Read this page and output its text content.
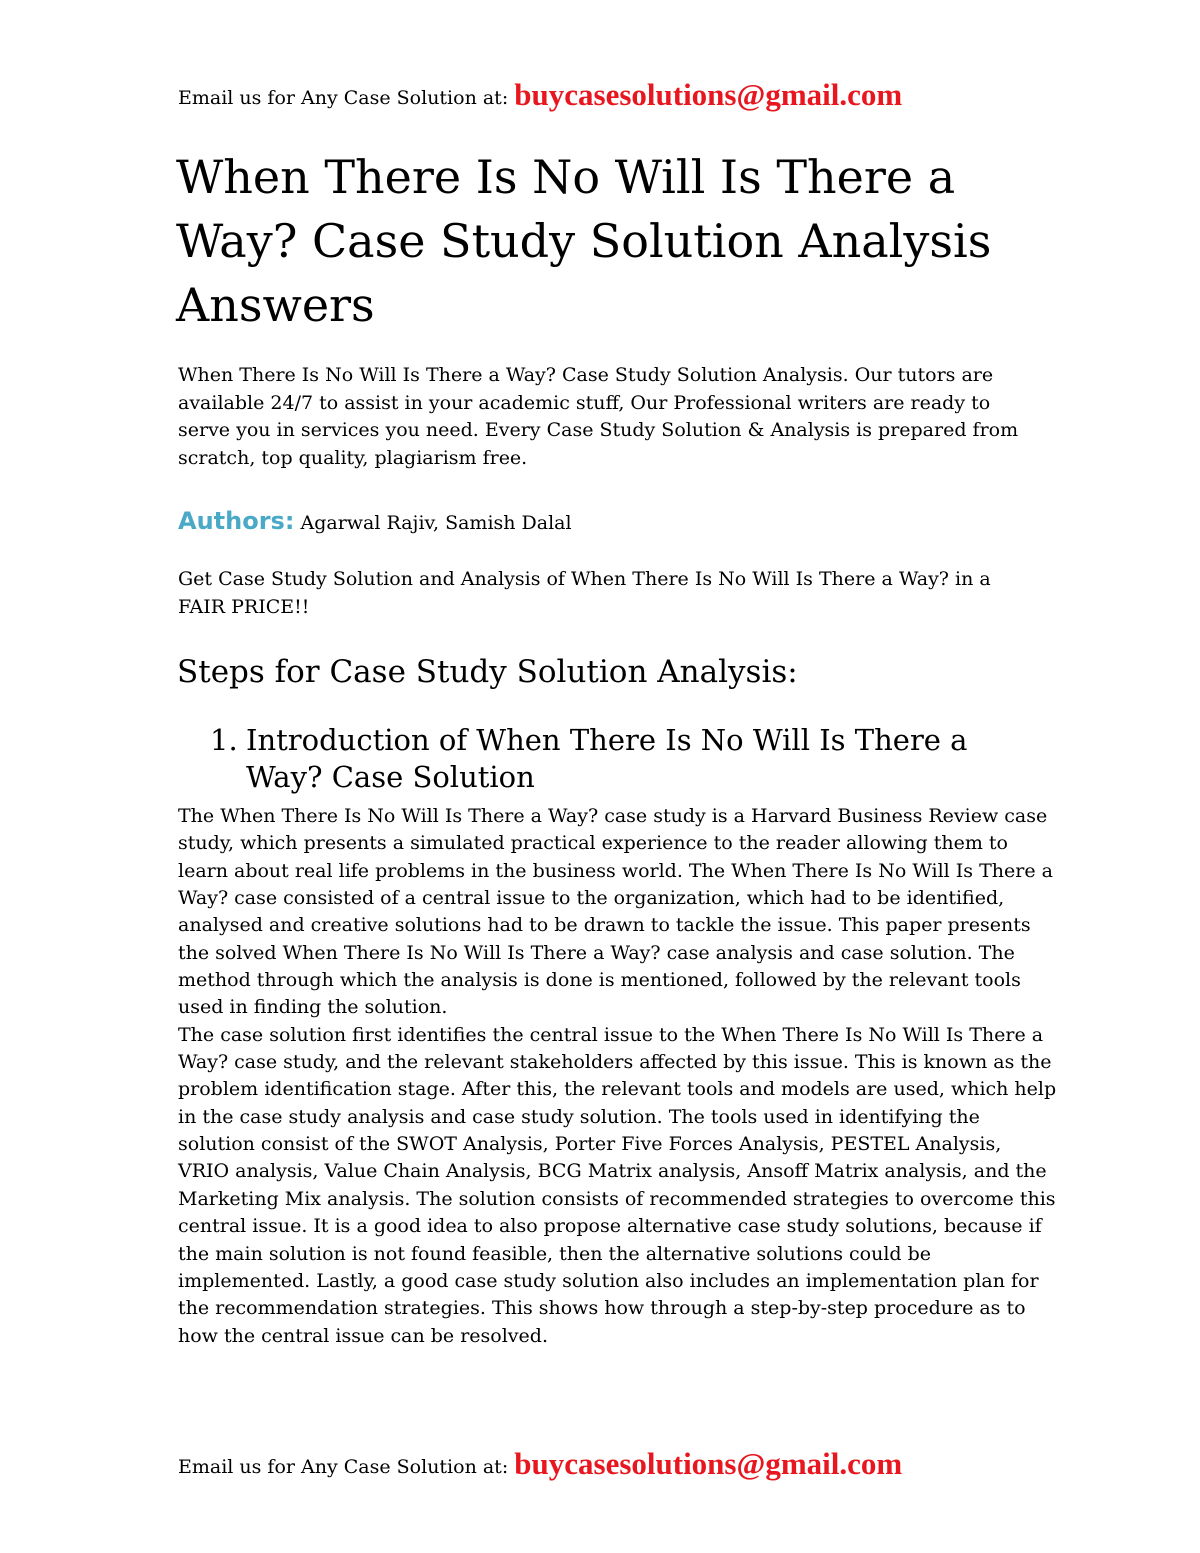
Email us for Any Case Solution at: buycasesolutions@gmail.com
When There Is No Will Is There a Way? Case Study Solution Analysis Answers

When There Is No Will Is There a Way? Case Study Solution Analysis. Our tutors are available 24/7 to assist in your academic stuff, Our Professional writers are ready to serve you in services you need. Every Case Study Solution & Analysis is prepared from scratch, top quality, plagiarism free.

Authors: Agarwal Rajiv, Samish Dalal

Get Case Study Solution and Analysis of When There Is No Will Is There a Way? in a FAIR PRICE!!

Steps for Case Study Solution Analysis:
1. Introduction of When There Is No Will Is There a Way? Case Solution

The When There Is No Will Is There a Way? case study is a Harvard Business Review case study, which presents a simulated practical experience to the reader allowing them to learn about real life problems in the business world. The When There Is No Will Is There a Way? case consisted of a central issue to the organization, which had to be identified, analysed and creative solutions had to be drawn to tackle the issue. This paper presents the solved When There Is No Will Is There a Way? case analysis and case solution. The method through which the analysis is done is mentioned, followed by the relevant tools used in finding the solution.

The case solution first identifies the central issue to the When There Is No Will Is There a Way? case study, and the relevant stakeholders affected by this issue. This is known as the problem identification stage. After this, the relevant tools and models are used, which help in the case study analysis and case study solution. The tools used in identifying the solution consist of the SWOT Analysis, Porter Five Forces Analysis, PESTEL Analysis, VRIO analysis, Value Chain Analysis, BCG Matrix analysis, Ansoff Matrix analysis, and the Marketing Mix analysis. The solution consists of recommended strategies to overcome this central issue. It is a good idea to also propose alternative case study solutions, because if the main solution is not found feasible, then the alternative solutions could be implemented. Lastly, a good case study solution also includes an implementation plan for the recommendation strategies. This shows how through a step-by-step procedure as to how the central issue can be resolved.

Email us for Any Case Solution at: buycasesolutions@gmail.com
